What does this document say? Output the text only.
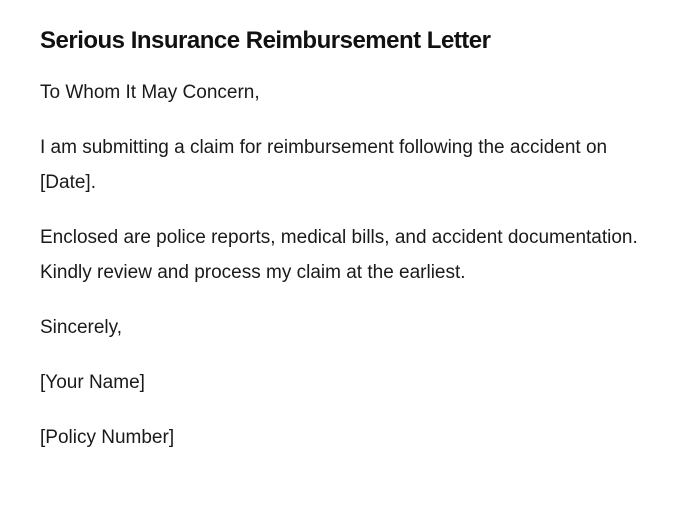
Serious Insurance Reimbursement Letter

To Whom It May Concern,

I am submitting a claim for reimbursement following the accident on [Date].

Enclosed are police reports, medical bills, and accident documentation. Kindly review and process my claim at the earliest.

Sincerely,

[Your Name]

[Policy Number]
